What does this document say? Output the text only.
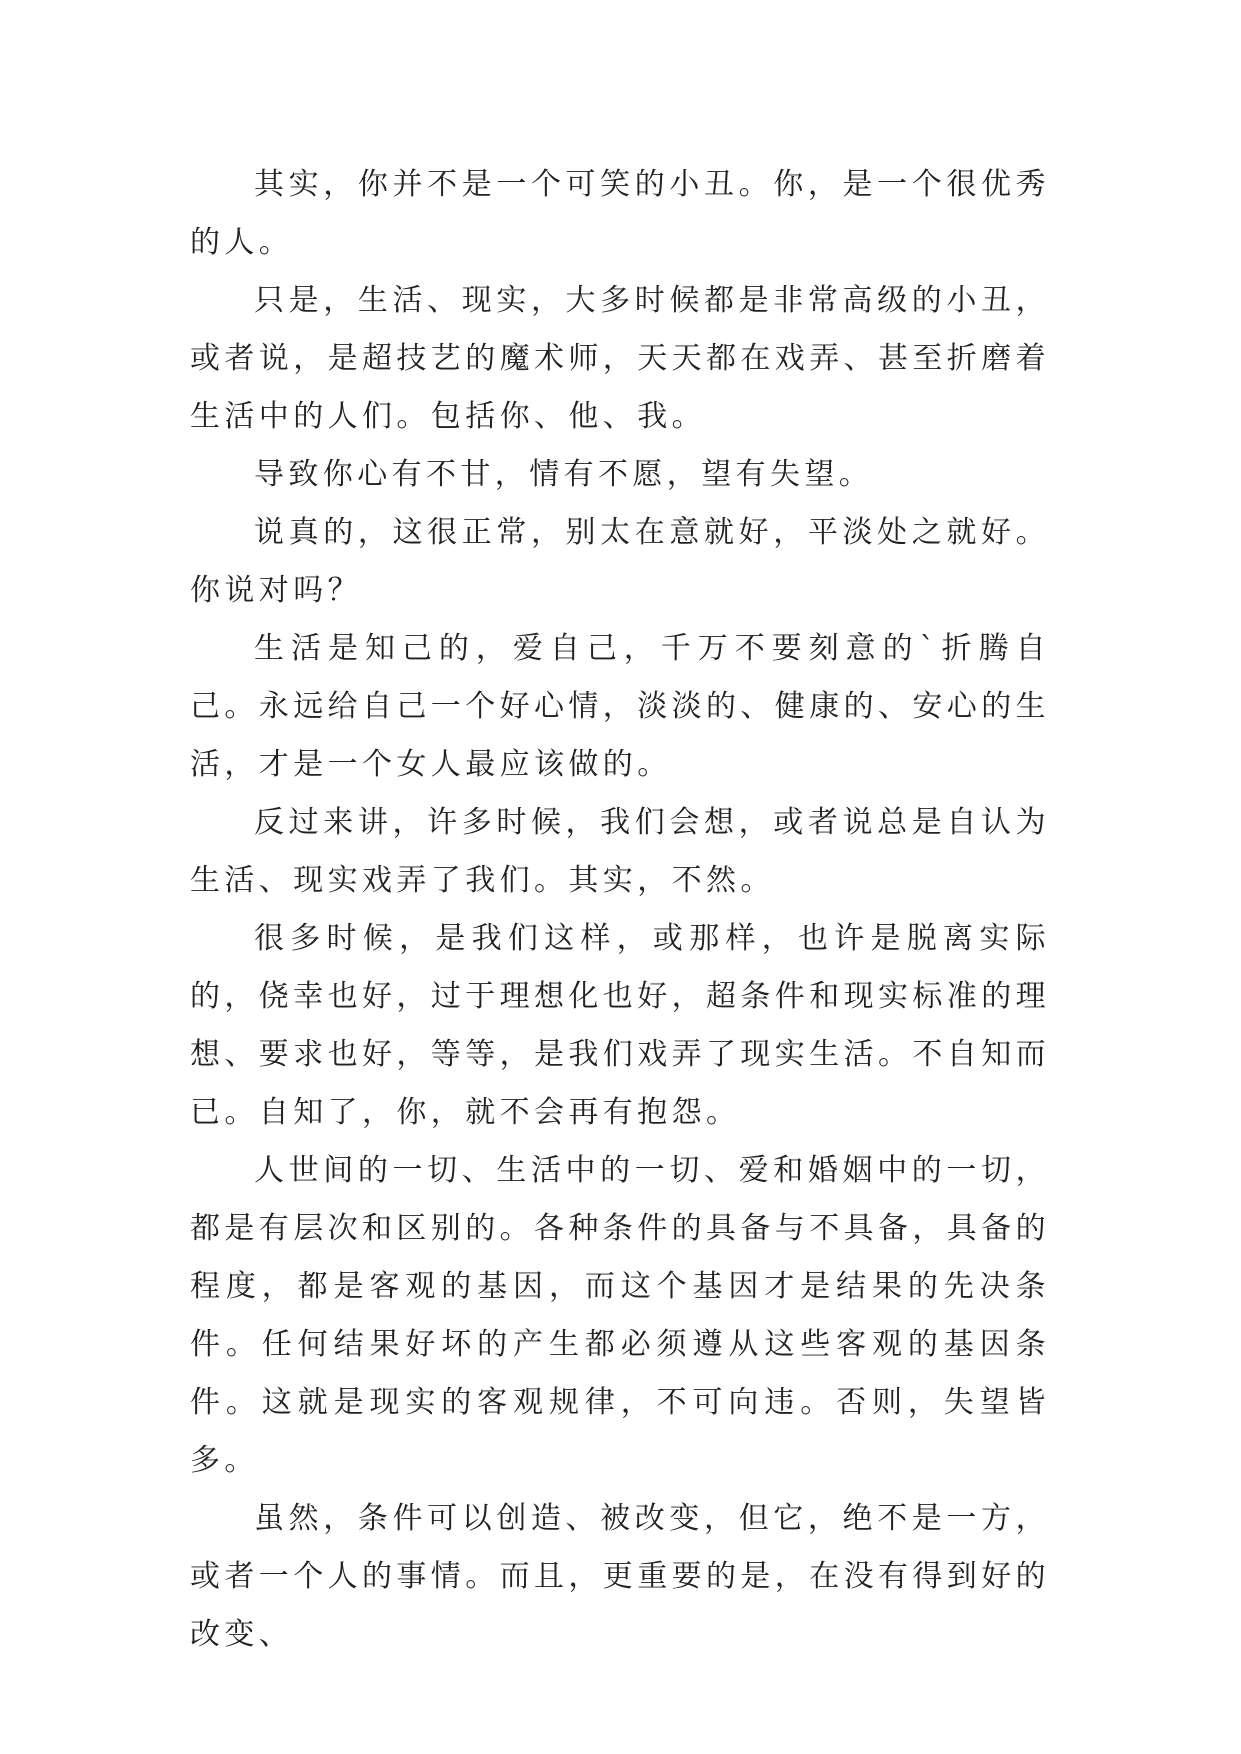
其实，你并不是一个可笑的小丑。你，是一个很优秀的人。

只是，生活、现实，大多时候都是非常高级的小丑，或者说，是超技艺的魔术师，天天都在戏弄、甚至折磨着生活中的人们。包括你、他、我。

导致你心有不甘，情有不愿，望有失望。

说真的，这很正常，别太在意就好，平淡处之就好。你说对吗？

生活是知己的，爱自己，千万不要刻意的`折腾自己。永远给自己一个好心情，淡淡的、健康的、安心的生活，才是一个女人最应该做的。

反过来讲，许多时候，我们会想，或者说总是自认为生活、现实戏弄了我们。其实，不然。

很多时候，是我们这样，或那样，也许是脱离实际的，侥幸也好，过于理想化也好，超条件和现实标准的理想、要求也好，等等，是我们戏弄了现实生活。不自知而已。自知了，你，就不会再有抱怨。

人世间的一切、生活中的一切、爱和婚姻中的一切，都是有层次和区别的。各种条件的具备与不具备，具备的程度，都是客观的基因，而这个基因才是结果的先决条件。任何结果好坏的产生都必须遵从这些客观的基因条件。这就是现实的客观规律，不可向违。否则，失望皆多。

虽然，条件可以创造、被改变，但它，绝不是一方，或者一个人的事情。而且，更重要的是，在没有得到好的改变、
